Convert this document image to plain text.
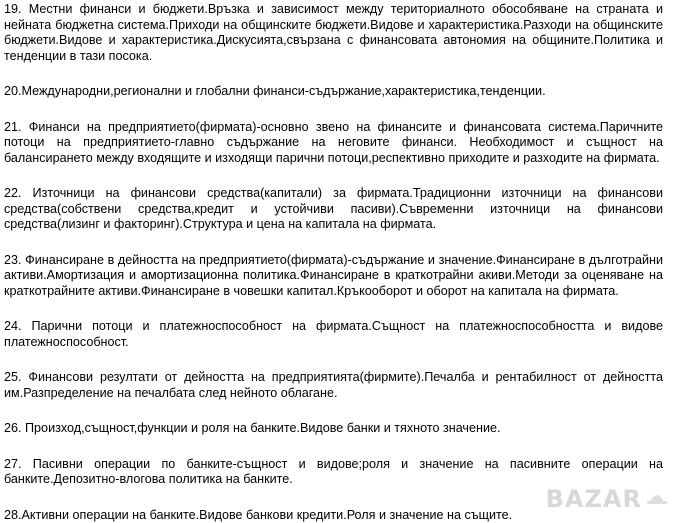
19. Местни финанси и бюджети.Връзка и зависимост между териториалното обособяване на страната и нейната бюджетна система.Приходи на общинските бюджети.Видове и характеристика.Разходи на общинските бюджети.Видове и характеристика.Дискусията,свързана с финансовата автономия на общините.Политика и тенденции в тази посока.

20.Международни,регионални и глобални финанси-съдържание,характеристика,тенденции.

21. Финанси на предприятието(фирмата)-основно звено на финансите и финансовата система.Паричните потоци на предприятието-главно съдържание на неговите финанси. Необходимост и същност на балансирането между входящите и изходящи парични потоци,респективно приходите и разходите на фирмата.

22. Източници на финансови средства(капитали) за фирмата.Традиционни източници на финансови средства(собствени средства,кредит и устойчиви пасиви).Съвременни източници на финансови средства(лизинг и факторинг).Структура и цена на капитала на фирмата.

23. Финансиране в дейността на предприятието(фирмата)-съдържание и значение.Финансиране в дълготрайни активи.Амортизация и амортизационна политика.Финансиране в краткотрайни акиви.Методи за оценяване на краткотрайните активи.Финансиране в човешки капитал.Кръкооборот и оборот на капитала на фирмата.

24. Парични потоци и платежноспособност на фирмата.Същност на платежноспособността и видове платежноспособност.

25. Финансови резултати от дейността на предприятията(фирмите).Печалба и рентабилност от дейността им.Разпределение на печалбата след нейното облагане.

26. Произход,същност,функции и роля на банките.Видове банки и тяхното значение.

27. Пасивни операции по банките-същност и видове;роля и значение на пасивните операции на банките.Депозитно-влогова политика на банките.

28.Активни операции на банките.Видове банкови кредити.Роля и значение на същите.

BAZAR
